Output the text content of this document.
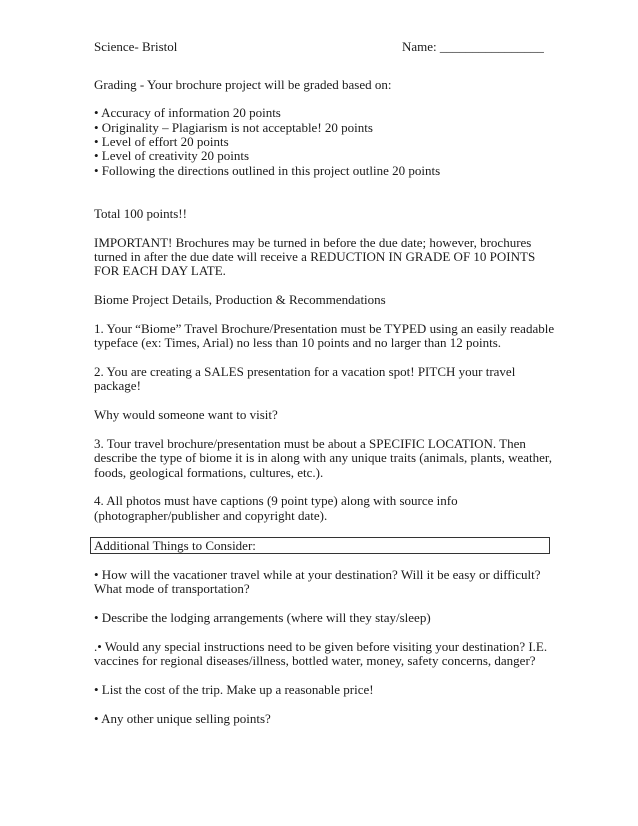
Science- Bristol	Name: ________________
Grading - Your brochure project will be graded based on:
• Accuracy of information 20 points
• Originality – Plagiarism is not acceptable! 20 points
• Level of effort 20 points
• Level of creativity 20 points
• Following the directions outlined in this project outline 20 points
Total 100 points!!
IMPORTANT! Brochures may be turned in before the due date; however, brochures
turned in after the due date will receive a REDUCTION IN GRADE OF 10 POINTS
FOR EACH DAY LATE.
Biome Project Details, Production & Recommendations
1. Your “Biome” Travel Brochure/Presentation must be TYPED using an easily readable
typeface (ex: Times, Arial) no less than 10 points and no larger than 12 points.
2. You are creating a SALES presentation for a vacation spot! PITCH your travel
package!
Why would someone want to visit?
3. Tour travel brochure/presentation must be about a SPECIFIC LOCATION. Then
describe the type of biome it is in along with any unique traits (animals, plants, weather,
foods, geological formations, cultures, etc.).
4. All photos must have captions (9 point type) along with source info
(photographer/publisher and copyright date).
Additional Things to Consider:
• How will the vacationer travel while at your destination? Will it be easy or difficult?
What mode of transportation?
• Describe the lodging arrangements (where will they stay/sleep)
.• Would any special instructions need to be given before visiting your destination? I.E.
vaccines for regional diseases/illness, bottled water, money, safety concerns, danger?
• List the cost of the trip. Make up a reasonable price!
• Any other unique selling points?
